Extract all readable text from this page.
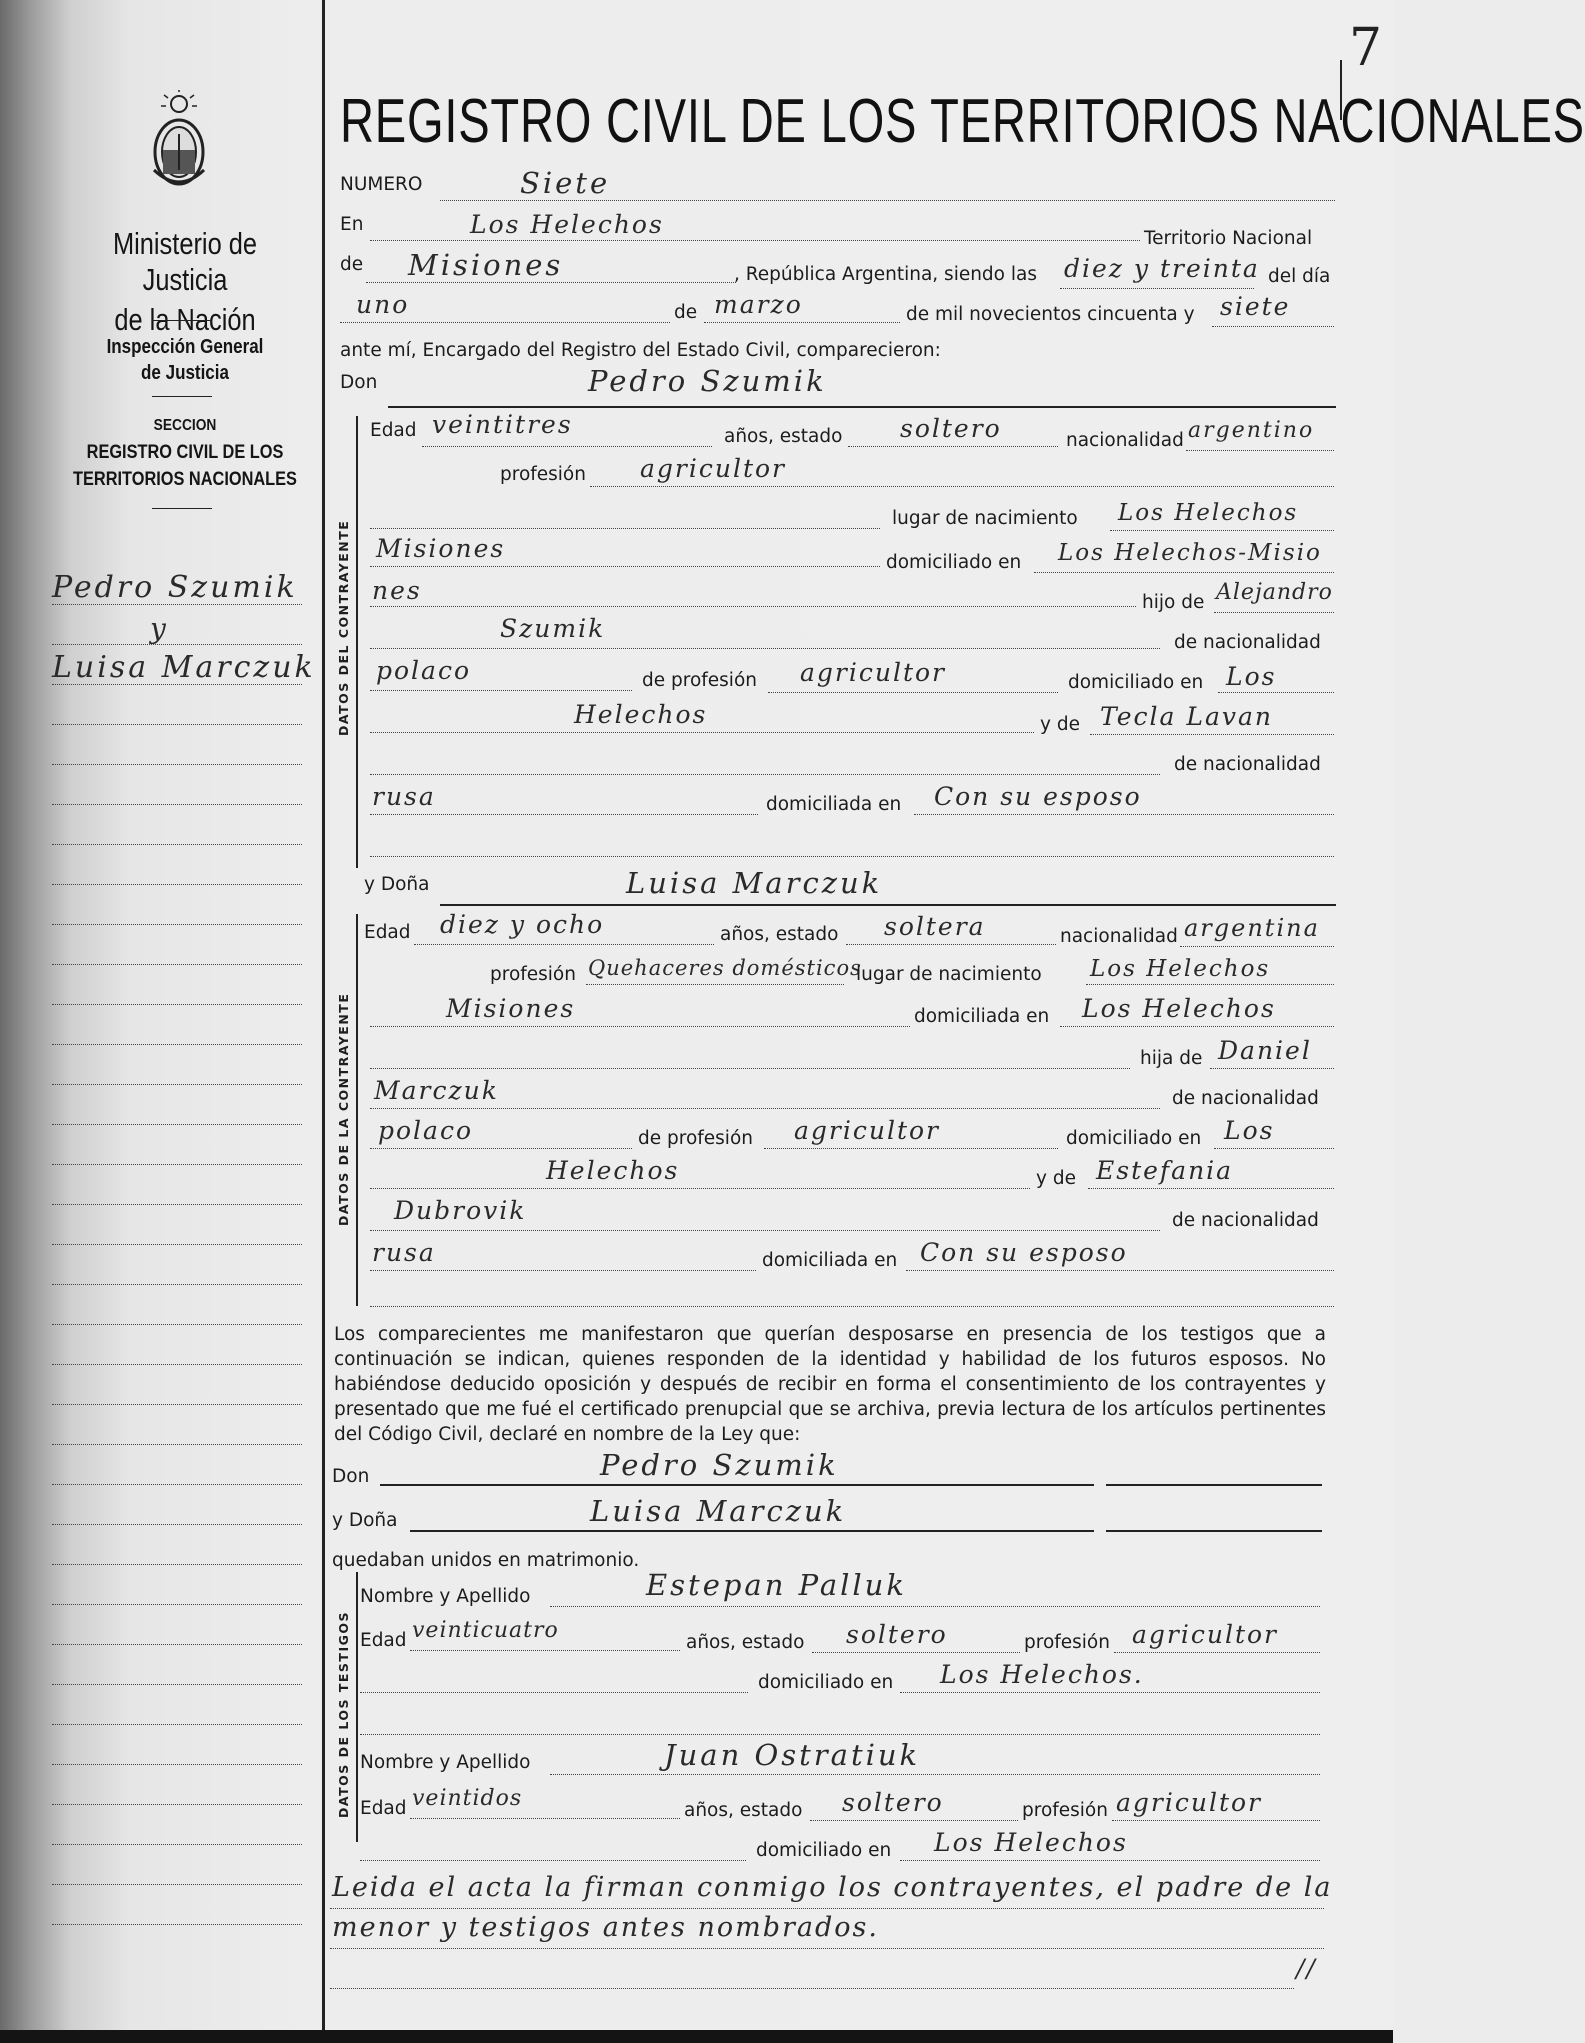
7
Ministerio de Justicia
de la Nación
Inspección General
de Justicia
SECCION
REGISTRO CIVIL DE LOS
TERRITORIOS NACIONALES
Pedro Szumik
y
Luisa Marczuk
REGISTRO CIVIL DE LOS TERRITORIOS NACIONALES
NUMERO	Siete
En	Los Helechos	Territorio Nacional
de Misiones	, República Argentina, siendo las diez y treinta del día
uno	de marzo	de mil novecientos cincuenta y siete
ante mí, Encargado del Registro del Estado Civil, comparecieron:
Don	Pedro Szumik
DATOS DEL CONTRAYENTE
Edad veintitres	años, estado soltero	nacionalidad argentino
profesión agricultor
lugar de nacimiento Los Helechos
Misiones	domiciliado en Los Helechos-Misio
nes	hijo de Alejandro
Szumik	de nacionalidad
polaco	de profesión agricultor	domiciliado en Los
Helechos	y de Tecla Lavan
de nacionalidad
rusa	domiciliada en Con su esposo
y Doña	Luisa Marczuk
DATOS DE LA CONTRAYENTE
Edad diez y ocho	años, estado soltera	nacionalidad argentina
profesión Quehaceres domésticos
lugar de nacimiento Los Helechos
Misiones	domiciliada en Los Helechos
hija de Daniel
Marczuk	de nacionalidad
polaco	de profesión agricultor	domiciliado en Los
Helechos	y de Estefania
Dubrovik	de nacionalidad
rusa	domiciliada en Con su esposo
Los comparecientes me manifestaron que querían desposarse en presencia de los testigos que a continuación se indican, quienes responden de la identidad y habilidad de los futuros esposos. No habiéndose deducido oposición y después de recibir en forma el consentimiento de los contrayentes y presentado que me fué el certificado prenupcial que se archiva, previa lectura de los artículos pertinentes del Código Civil, declaré en nombre de la Ley que:
Don	Pedro Szumik
y Doña	Luisa Marczuk
quedaban unidos en matrimonio.
DATOS DE LOS TESTIGOS
Nombre y Apellido	Estepan Palluk
Edad veinticuatro	años, estado soltero	profesión agricultor
domiciliado en Los Helechos.
Nombre y Apellido	Juan Ostratiuk
Edad veintidos	años, estado soltero	profesión agricultor
domiciliado en Los Helechos
Leida el acta la firman conmigo los contrayentes, el padre de la
menor y testigos antes nombrados.
//
